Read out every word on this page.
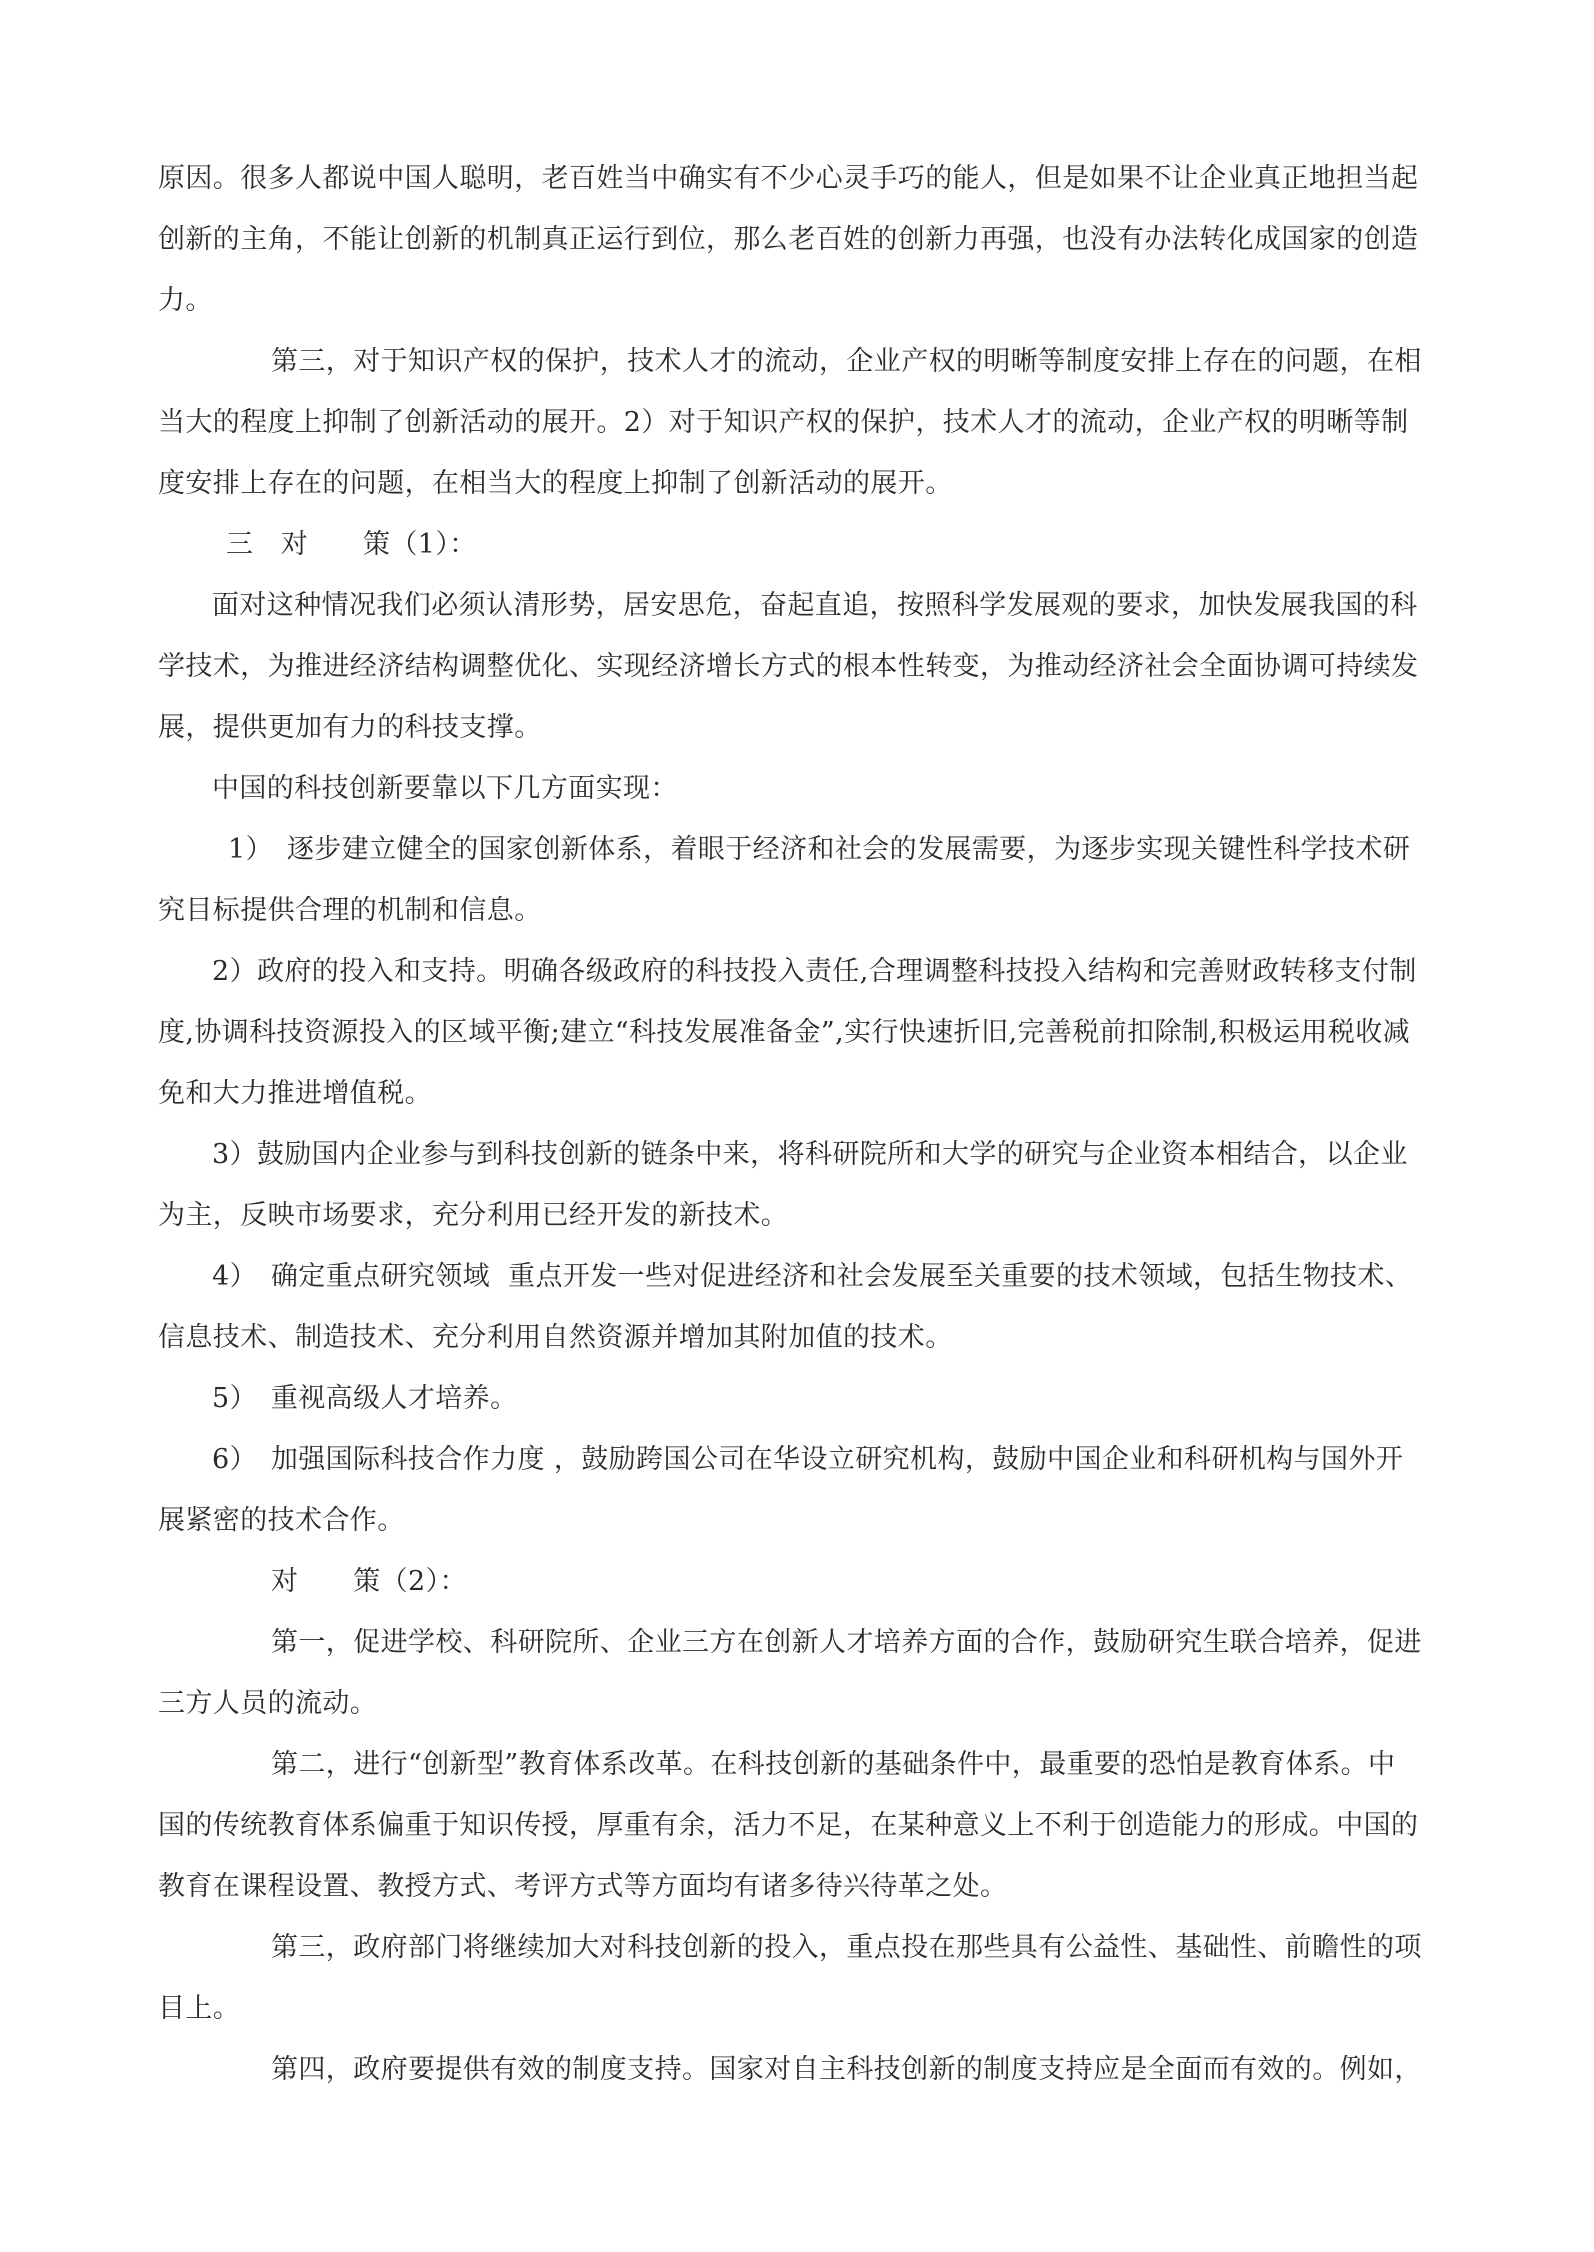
原因。很多人都说中国人聪明，老百姓当中确实有不少心灵手巧的能人，但是如果不让企业真正地担当起
创新的主角，不能让创新的机制真正运行到位，那么老百姓的创新力再强，也没有办法转化成国家的创造
力。
第三，对于知识产权的保护，技术人才的流动，企业产权的明晰等制度安排上存在的问题，在相
当大的程度上抑制了创新活动的展开。2）对于知识产权的保护，技术人才的流动，企业产权的明晰等制
度安排上存在的问题，在相当大的程度上抑制了创新活动的展开。
三　对　　策（1）：
面对这种情况我们必须认清形势，居安思危，奋起直追，按照科学发展观的要求，加快发展我国的科
学技术，为推进经济结构调整优化、实现经济增长方式的根本性转变，为推动经济社会全面协调可持续发
展，提供更加有力的科技支撑。
中国的科技创新要靠以下几方面实现：
1）　逐步建立健全的国家创新体系，着眼于经济和社会的发展需要，为逐步实现关键性科学技术研
究目标提供合理的机制和信息。
2）政府的投入和支持。明确各级政府的科技投入责任,合理调整科技投入结构和完善财政转移支付制
度,协调科技资源投入的区域平衡;建立“科技发展准备金”,实行快速折旧,完善税前扣除制,积极运用税收减
免和大力推进增值税。
3）鼓励国内企业参与到科技创新的链条中来，将科研院所和大学的研究与企业资本相结合，以企业
为主，反映市场要求，充分利用已经开发的新技术。
4）　确定重点研究领域  重点开发一些对促进经济和社会发展至关重要的技术领域，包括生物技术、
信息技术、制造技术、充分利用自然资源并增加其附加值的技术。
5）　重视高级人才培养。
6）　加强国际科技合作力度 ，鼓励跨国公司在华设立研究机构，鼓励中国企业和科研机构与国外开
展紧密的技术合作。
对　　策（2）：
第一，促进学校、科研院所、企业三方在创新人才培养方面的合作，鼓励研究生联合培养，促进
三方人员的流动。
第二，进行“创新型”教育体系改革。在科技创新的基础条件中，最重要的恐怕是教育体系。中
国的传统教育体系偏重于知识传授，厚重有余，活力不足，在某种意义上不利于创造能力的形成。中国的
教育在课程设置、教授方式、考评方式等方面均有诸多待兴待革之处。
第三，政府部门将继续加大对科技创新的投入，重点投在那些具有公益性、基础性、前瞻性的项
目上。
第四，政府要提供有效的制度支持。国家对自主科技创新的制度支持应是全面而有效的。例如，
